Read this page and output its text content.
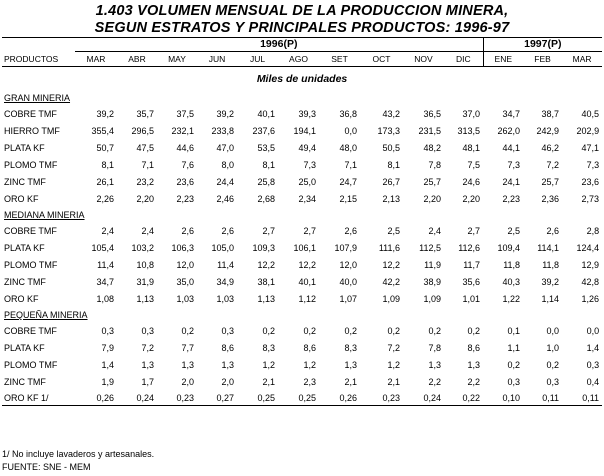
1.403 VOLUMEN MENSUAL DE LA PRODUCCION MINERA,
SEGUN ESTRATOS Y PRINCIPALES PRODUCTOS: 1996-97
	1996(P)										1997(P)		
PRODUCTOS	MAR	ABR	MAY	JUN	JUL	AGO	SET	OCT	NOV	DIC	ENE	FEB	MAR
Miles de unidades													
GRAN MINERIA													
COBRE TMF	39,2	35,7	37,5	39,2	40,1	39,3	36,8	43,2	36,5	37,0	34,7	38,7	40,5
HIERRO TMF	355,4	296,5	232,1	233,8	237,6	194,1	0,0	173,3	231,5	313,5	262,0	242,9	202,9
PLATA KF	50,7	47,5	44,6	47,0	53,5	49,4	48,0	50,5	48,2	48,1	44,1	46,2	47,1
PLOMO TMF	8,1	7,1	7,6	8,0	8,1	7,3	7,1	8,1	7,8	7,5	7,3	7,2	7,3
ZINC TMF	26,1	23,2	23,6	24,4	25,8	25,0	24,7	26,7	25,7	24,6	24,1	25,7	23,6
ORO KF	2,26	2,20	2,23	2,46	2,68	2,34	2,15	2,13	2,20	2,20	2,23	2,36	2,73
MEDIANA MINERIA													
COBRE TMF	2,4	2,4	2,6	2,6	2,7	2,7	2,6	2,5	2,4	2,7	2,5	2,6	2,8
PLATA KF	105,4	103,2	106,3	105,0	109,3	106,1	107,9	111,6	112,5	112,6	109,4	114,1	124,4
PLOMO TMF	11,4	10,8	12,0	11,4	12,2	12,2	12,0	12,2	11,9	11,7	11,8	11,8	12,9
ZINC TMF	34,7	31,9	35,0	34,9	38,1	40,1	40,0	42,2	38,9	35,6	40,3	39,2	42,8
ORO KF	1,08	1,13	1,03	1,03	1,13	1,12	1,07	1,09	1,09	1,01	1,22	1,14	1,26
PEQUEÑA MINERIA													
COBRE TMF	0,3	0,3	0,2	0,3	0,2	0,2	0,2	0,2	0,2	0,2	0,1	0,0	0,0
PLATA KF	7,9	7,2	7,7	8,6	8,3	8,6	8,3	7,2	7,8	8,6	1,1	1,0	1,4
PLOMO TMF	1,4	1,3	1,3	1,3	1,2	1,2	1,3	1,2	1,3	1,3	0,2	0,2	0,3
ZINC TMF	1,9	1,7	2,0	2,0	2,1	2,3	2,1	2,1	2,2	2,2	0,3	0,3	0,4
ORO KF 1/	0,26	0,24	0,23	0,27	0,25	0,25	0,26	0,23	0,24	0,22	0,10	0,11	0,11
1/ No incluye lavaderos y artesanales.
FUENTE: SNE - MEM
